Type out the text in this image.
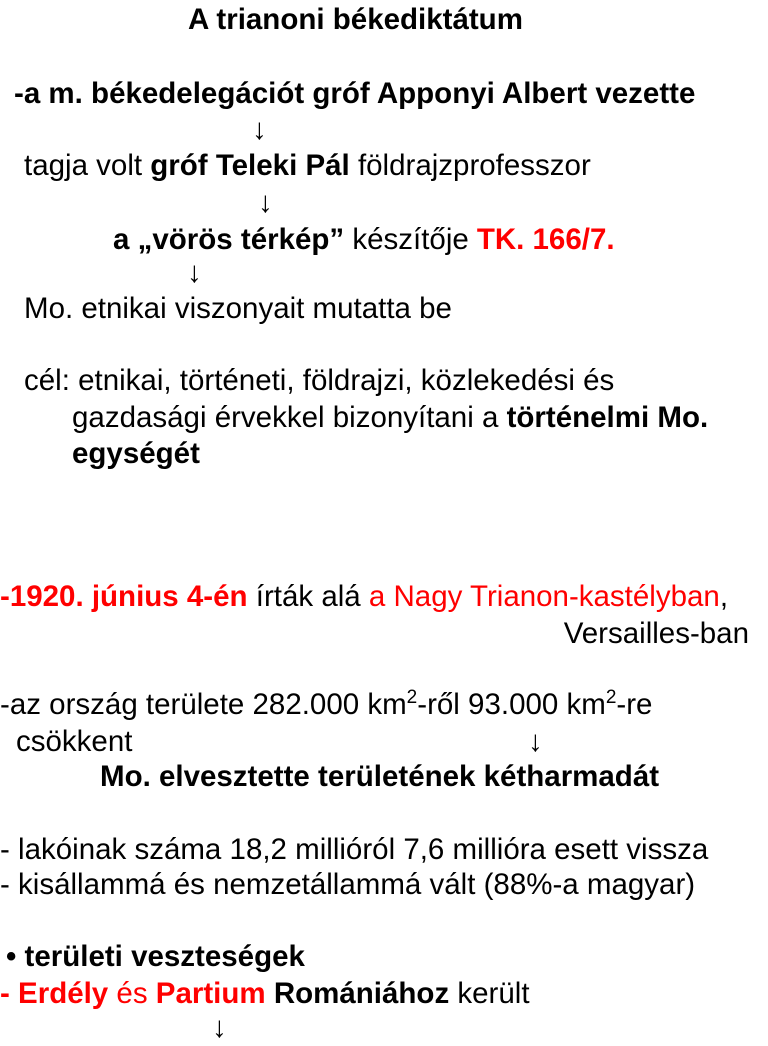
A trianoni békediktátum
-a m. békedelegációt gróf Apponyi Albert vezette
↓
tagja volt gróf Teleki Pál földrajzprofesszor
↓
a „vörös térkép” készítője TK. 166/7.
↓
Mo. etnikai viszonyait mutatta be
cél: etnikai, történeti, földrajzi, közlekedési és
gazdasági érvekkel bizonyítani a történelmi Mo.
egységét
-1920. június 4-én írták alá a Nagy Trianon-kastélyban,
Versailles-ban
-az ország területe 282.000 $km^2$-ről 93.000 $km^2-re$
csökkent	↓
Mo. elvesztette területének kétharmadát
- lakóinak száma 18,2 millióról 7,6 millióra esett vissza
- kisállammá és nemzetállammá vált (88%-a magyar)
• területi veszteségek
- Erdély és Partium Romániához került
↓
